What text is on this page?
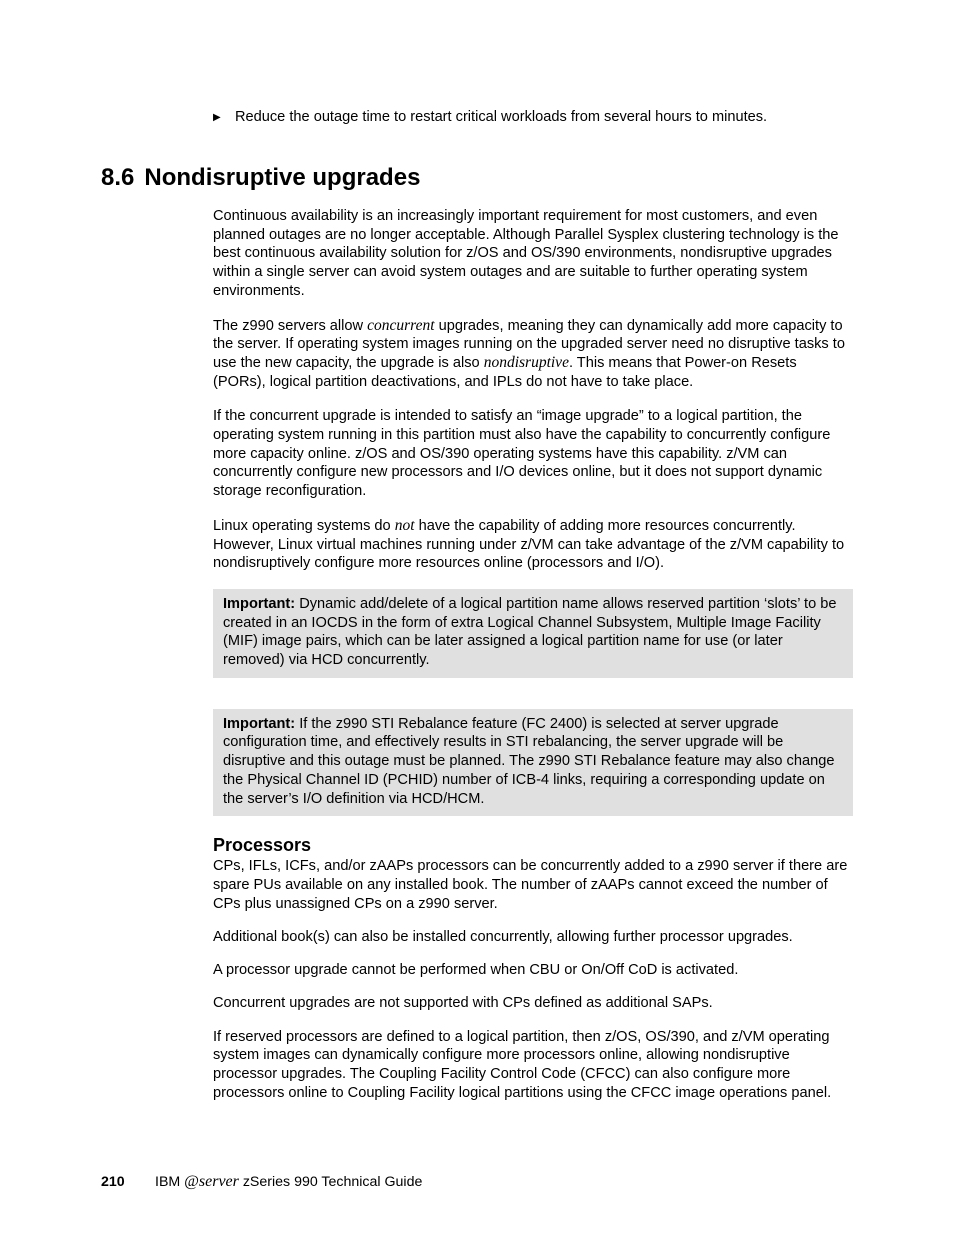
▶ Reduce the outage time to restart critical workloads from several hours to minutes.
8.6 Nondisruptive upgrades

Continuous availability is an increasingly important requirement for most customers, and even planned outages are no longer acceptable. Although Parallel Sysplex clustering technology is the best continuous availability solution for z/OS and OS/390 environments, nondisruptive upgrades within a single server can avoid system outages and are suitable to further operating system environments.

The z990 servers allow concurrent upgrades, meaning they can dynamically add more capacity to the server. If operating system images running on the upgraded server need no disruptive tasks to use the new capacity, the upgrade is also nondisruptive. This means that Power-on Resets (PORs), logical partition deactivations, and IPLs do not have to take place.

If the concurrent upgrade is intended to satisfy an “image upgrade” to a logical partition, the operating system running in this partition must also have the capability to concurrently configure more capacity online. z/OS and OS/390 operating systems have this capability. z/VM can concurrently configure new processors and I/O devices online, but it does not support dynamic storage reconfiguration.

Linux operating systems do not have the capability of adding more resources concurrently. However, Linux virtual machines running under z/VM can take advantage of the z/VM capability to nondisruptively configure more resources online (processors and I/O).

Important: Dynamic add/delete of a logical partition name allows reserved partition ‘slots’ to be created in an IOCDS in the form of extra Logical Channel Subsystem, Multiple Image Facility (MIF) image pairs, which can be later assigned a logical partition name for use (or later removed) via HCD concurrently.
Important: If the z990 STI Rebalance feature (FC 2400) is selected at server upgrade configuration time, and effectively results in STI rebalancing, the server upgrade will be disruptive and this outage must be planned. The z990 STI Rebalance feature may also change the Physical Channel ID (PCHID) number of ICB-4 links, requiring a corresponding update on the server’s I/O definition via HCD/HCM.
Processors

CPs, IFLs, ICFs, and/or zAAPs processors can be concurrently added to a z990 server if there are spare PUs available on any installed book. The number of zAAPs cannot exceed the number of CPs plus unassigned CPs on a z990 server.

Additional book(s) can also be installed concurrently, allowing further processor upgrades.

A processor upgrade cannot be performed when CBU or On/Off CoD is activated.

Concurrent upgrades are not supported with CPs defined as additional SAPs.

If reserved processors are defined to a logical partition, then z/OS, OS/390, and z/VM operating system images can dynamically configure more processors online, allowing nondisruptive processor upgrades. The Coupling Facility Control Code (CFCC) can also configure more processors online to Coupling Facility logical partitions using the CFCC image operations panel.

210 IBM @server zSeries 990 Technical Guide
